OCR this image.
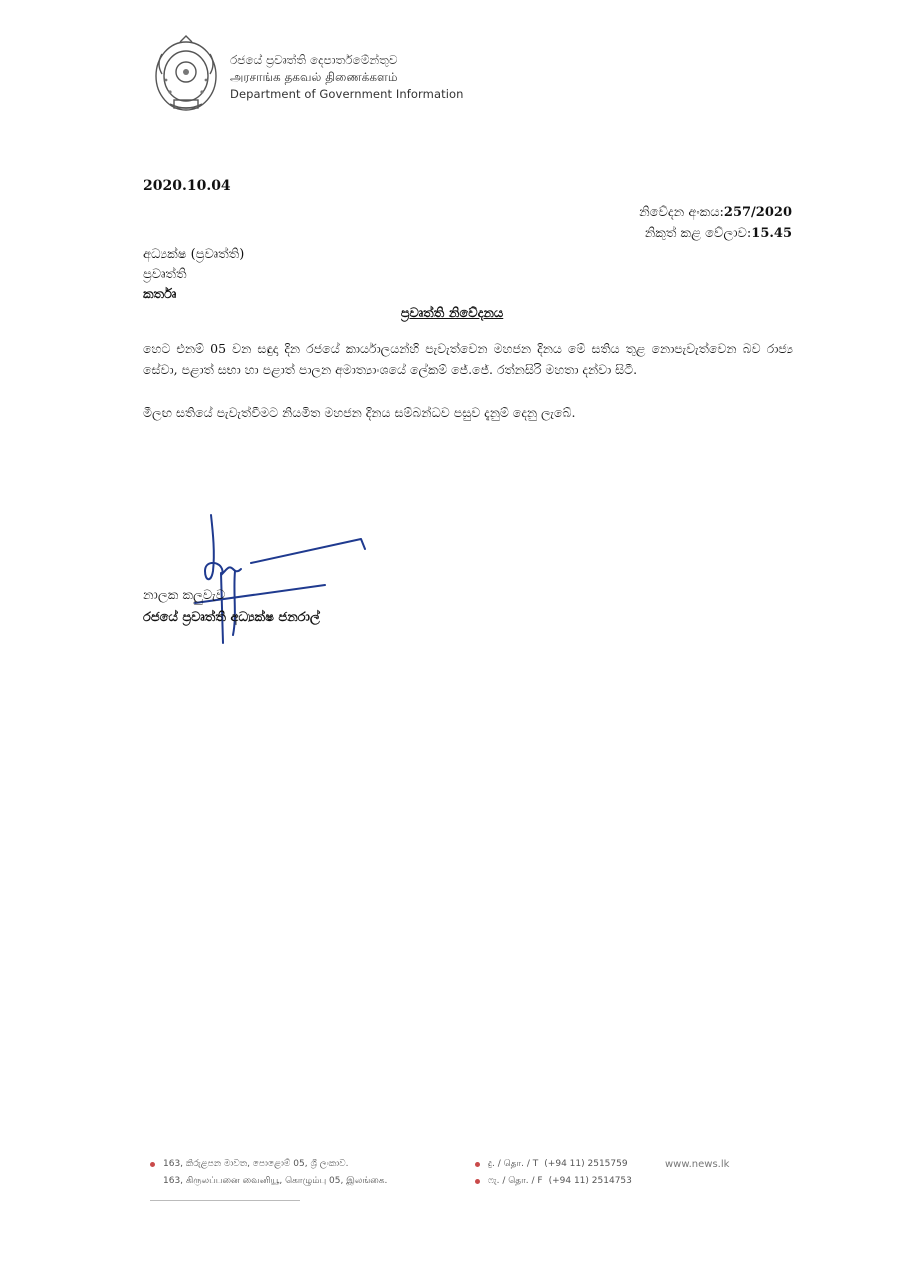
රජයේ ප්‍රවෘත්ති දෙපාර්තමේන්තුව
அரசாங்க தகவல் திணைக்களம்
Department of Government Information
2020.10.04
නිවේදන අංකය:257/2020
නිකුත් කළ වේලාව:15.45
අධ්‍යක්ෂ (ප්‍රවෘත්ති)
ප්‍රවෘත්ති
කර්තෘ
ප්‍රවෘත්ති නිවේදනය

හෙට එනම් 05 වන සඳුදා දින රජයේ කාර්යාලයන්හි පැවැත්වෙන මහජන දිනය මේ සතිය තුළ නොපැවැත්වෙන බව රාජ්‍ය සේවා, පළාත් සභා හා පළාත් පාලන අමාත්‍යාංශයේ ලේකම් ජේ.ජේ. රත්නසිරි මහතා දන්වා සිටී.

මීලඟ සතියේ පැවැත්වීමට නියමිත මහජන දිනය සම්බන්ධව පසුව දැනුම් දෙනු ලැබේ.

නාලක කලුවැව
රජයේ ප්‍රවෘත්ති අධ්‍යක්ෂ ජනරාල්
163, කිරුළපන මාවත, පොළොම් 05, ශ්‍රී ලංකාව.
163, கிருலப்பனை வைனியூ, கொழும்பு 05, இலங்கை.
දු. / தொ. / T (+94 11) 2515759
ෆැ. / தொ. / F (+94 11) 2514753
www.news.lk
